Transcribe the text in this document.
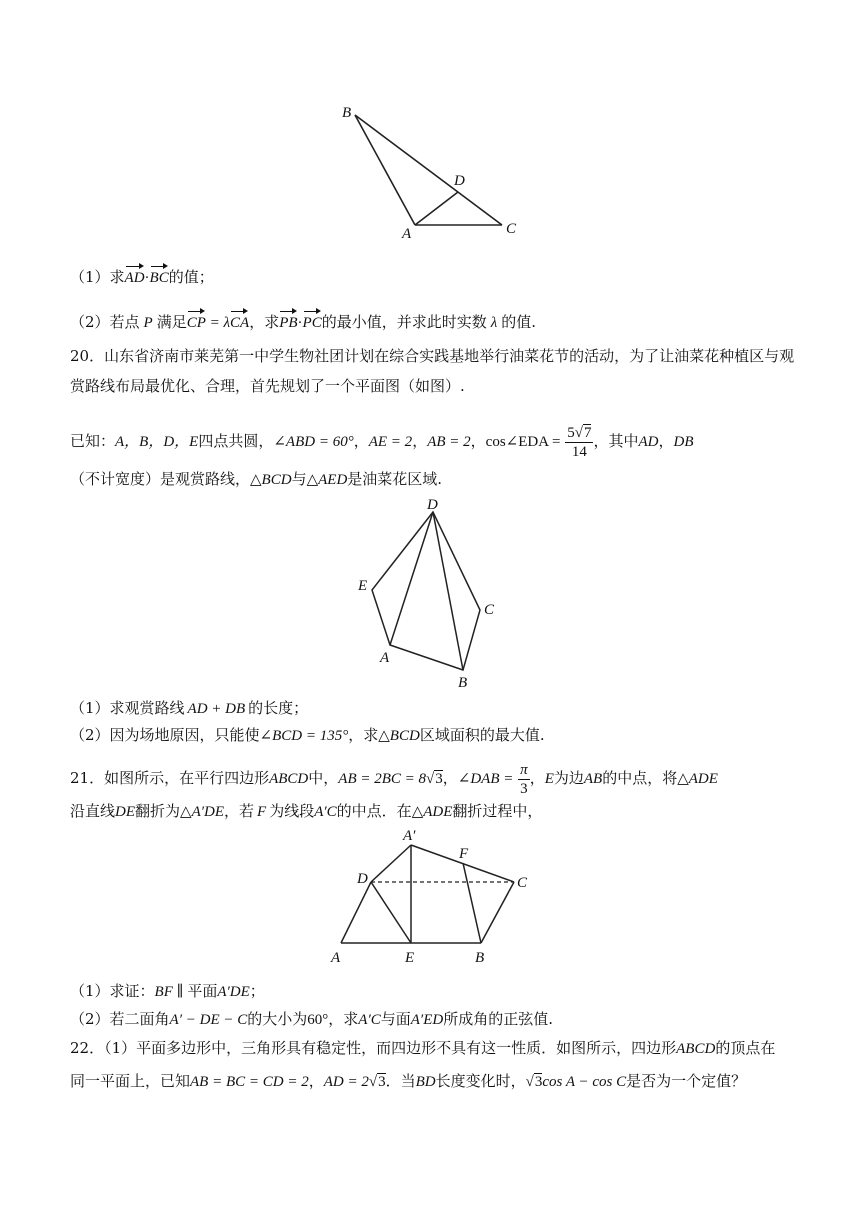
B
D
A	C
（1）求AD·BC的值；
（2）若点 P 满足CP = λCA，求PB·PC的最小值，并求此时实数 λ 的值.
20．山东省济南市莱芜第一中学生物社团计划在综合实践基地举行油菜花节的活动，为了让油菜花种植区与观
赏路线布局最优化、合理，首先规划了一个平面图（如图）.
已知：A，B，D，E四点共圆，∠ABD = 60°，AE = 2，AB = 2，cos∠EDA = $\frac{5√7}{14}$ ，其中AD，DB
（不计宽度）是观赏路线，△BCD与△AED是油菜花区域.
D
E
C
A
B
（1）求观赏路线 AD + DB 的长度；
（2）因为场地原因，只能使∠BCD = 135°，求△BCD区域面积的最大值.
21．如图所示，在平行四边形ABCD中，AB = 2BC = 8√3，∠DAB = $\frac{\pi}{3}$ ，E为边AB的中点，将△ADE
沿直线DE翻折为△A′DE，若 F 为线段A′C的中点．在△ADE翻折过程中，
A′
F
D	C
A	E	B
（1）求证：BF ∥ 平面A′DE；
（2）若二面角A′ − DE − C的大小为60°，求A′C与面A′ED所成角的正弦值.
22．（1）平面多边形中，三角形具有稳定性，而四边形不具有这一性质．如图所示，四边形ABCD的顶点在
同一平面上，已知AB = BC = CD = 2，AD = 2√3．当BD长度变化时，√3cos A − cos C是否为一个定值？
